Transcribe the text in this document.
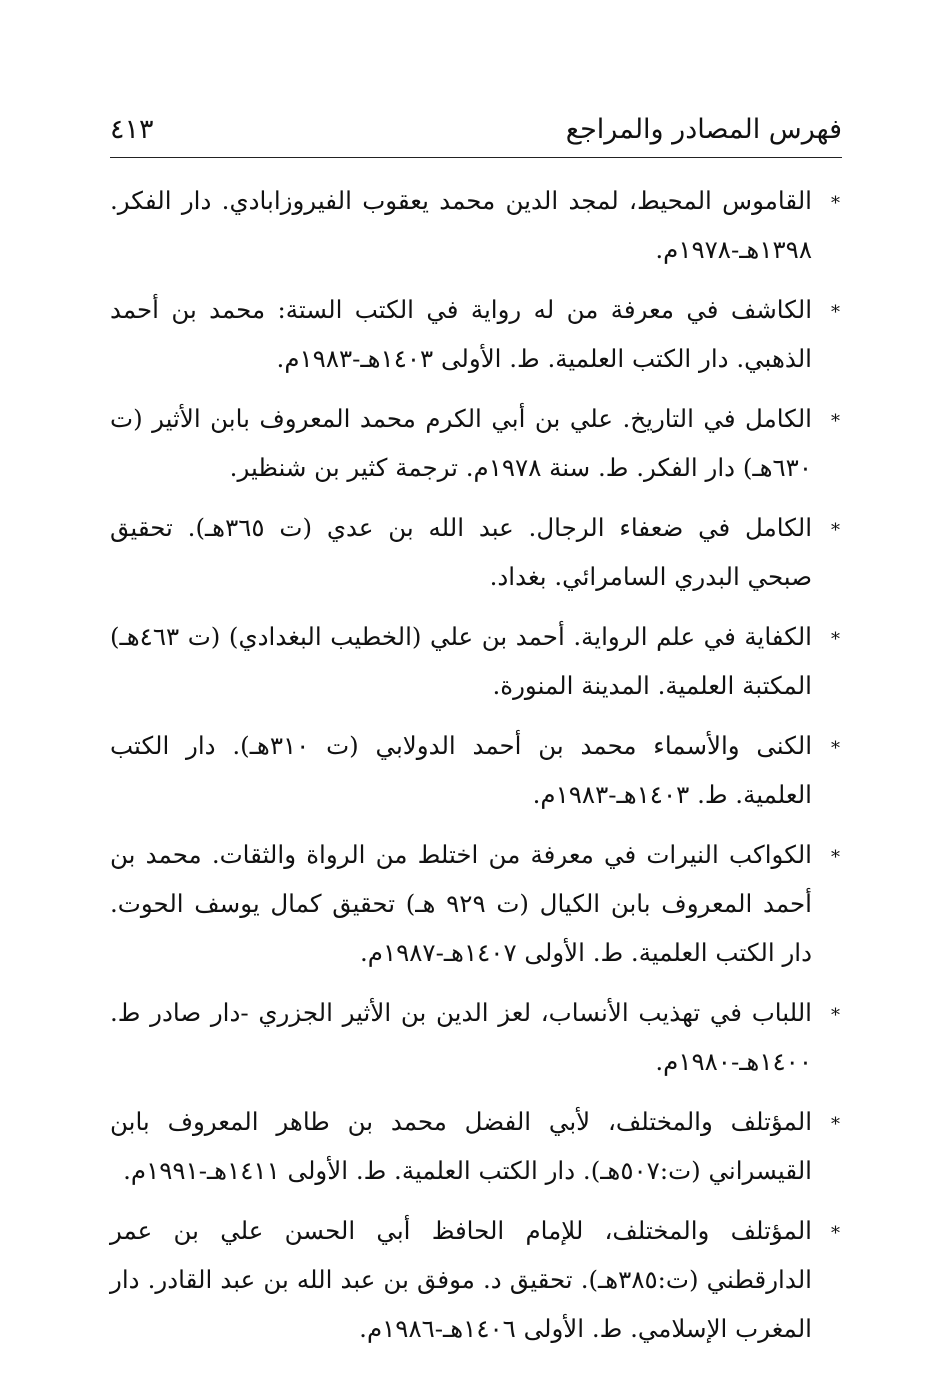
فهرس المصادر والمراجع
٤١٣
*
القاموس المحيط، لمجد الدين محمد يعقوب الفيروزابادي. دار الفكر. ١٣٩٨هـ-١٩٧٨م.
*
الكاشف في معرفة من له رواية في الكتب الستة: محمد بن أحمد الذهبي. دار الكتب العلمية. ط. الأولى ١٤٠٣هـ-١٩٨٣م.
*
الكامل في التاريخ. علي بن أبي الكرم محمد المعروف بابن الأثير (ت ٦٣٠هـ) دار الفكر. ط. سنة ١٩٧٨م. ترجمة كثير بن شنظير.
*
الكامل في ضعفاء الرجال. عبد الله بن عدي (ت ٣٦٥هـ). تحقيق صبحي البدري السامرائي. بغداد.
*
الكفاية في علم الرواية. أحمد بن علي (الخطيب البغدادي) (ت ٤٦٣هـ) المكتبة العلمية. المدينة المنورة.
*
الكنى والأسماء محمد بن أحمد الدولابي (ت ٣١٠هـ). دار الكتب العلمية. ط. ١٤٠٣هـ-١٩٨٣م.
*
الكواكب النيرات في معرفة من اختلط من الرواة والثقات. محمد بن أحمد المعروف بابن الكيال (ت ٩٢٩ هـ) تحقيق كمال يوسف الحوت. دار الكتب العلمية. ط. الأولى ١٤٠٧هـ-١٩٨٧م.
*
اللباب في تهذيب الأنساب، لعز الدين بن الأثير الجزري -دار صادر ط. ١٤٠٠هـ-١٩٨٠م.
*
المؤتلف والمختلف، لأبي الفضل محمد بن طاهر المعروف بابن القيسراني (ت:٥٠٧هـ). دار الكتب العلمية. ط. الأولى ١٤١١هـ-١٩٩١م.
*
المؤتلف والمختلف، للإمام الحافظ أبي الحسن علي بن عمر الدارقطني (ت:٣٨٥هـ). تحقيق د. موفق بن عبد الله بن عبد القادر. دار المغرب الإسلامي. ط. الأولى ١٤٠٦هـ-١٩٨٦م.
